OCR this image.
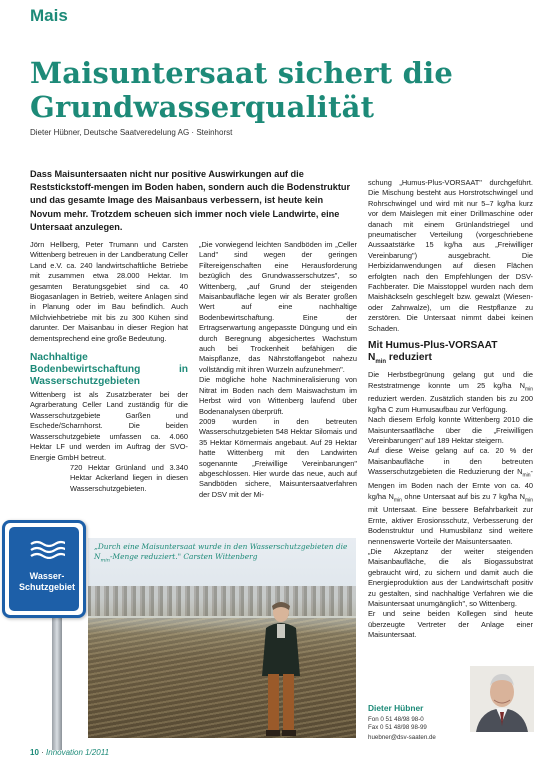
Mais
Maisuntersaat sichert die
Grundwasserqualität
Dieter Hübner, Deutsche Saatveredelung AG · Steinhorst
Dass Maisuntersaaten nicht nur positive Auswirkungen auf die Reststickstoff-mengen im Boden haben, sondern auch die Bodenstruktur und das gesamte Image des Maisanbaus verbessern, ist heute kein Novum mehr. Trotzdem scheuen sich immer noch viele Landwirte, eine Untersaat anzulegen.

Jörn Hellberg, Peter Trumann und Carsten Wittenberg betreuen in der Landberatung Celler Land e.V. ca. 240 landwirtschaftliche Betriebe mit zusammen etwa 28.000 Hektar. Im gesamten Beratungsgebiet sind ca. 40 Biogasanlagen in Betrieb, weitere Anlagen sind in Planung oder im Bau befindlich. Auch Milchviehbetriebe mit bis zu 300 Kühen sind darunter. Der Maisanbau in dieser Region hat dementsprechend eine große Bedeutung.

Nachhaltige Bodenbewirtschaftung in Wasserschutzgebieten

Wittenberg ist als Zusatzberater bei der Agrarberatung Celler Land zuständig für die Wasserschutzgebiete Garßen und Eschede/Scharnhorst. Die beiden Wasserschutzgebiete umfassen ca. 4.060 Hektar LF und werden im Auftrag der SVO-Energie GmbH betreut.

720 Hektar Grünland und 3.340 Hektar Ackerland liegen in diesen Wasserschutzgebieten.

„Die vorwiegend leichten Sandböden im „Celler Land" sind wegen der geringen Filtereigenschaften eine Herausforderung bezüglich des Grundwasserschutzes", so Wittenberg, „auf Grund der steigenden Maisanbaufläche legen wir als Berater großen Wert auf eine nachhaltige Bodenbewirtschaftung. Eine der Ertragserwartung angepasste Düngung und ein durch Beregnung abgesichertes Wachstum auch bei Trockenheit befähigen die Maispflanze, das Nährstoffangebot nahezu vollständig mit ihren Wurzeln aufzunehmen".

Die mögliche hohe Nachmineralisierung von Nitrat im Boden nach dem Maiswachstum im Herbst wird von Wittenberg laufend über Bodenanalysen überprüft.

2009 wurden in den betreuten Wasserschutzgebieten 548 Hektar Silomais und 35 Hektar Körnermais angebaut. Auf 29 Hektar hatte Wittenberg mit den Landwirten sogenannte „Freiwillige Vereinbarungen" abgeschlossen. Hier wurde das neue, auch auf Sandböden sichere, Maisuntersaatverfahren der DSV mit der Mi-

schung „Humus-Plus-VORSAAT" durchgeführt. Die Mischung besteht aus Horstrotschwingel und Rohrschwingel und wird mit nur 5–7 kg/ha kurz vor dem Maislegen mit einer Drillmaschine oder danach mit einem Grünlandstriegel und pneumatischer Verteilung (vorgeschriebene Aussaatstärke 15 kg/ha aus „Freiwilliger Vereinbarung") ausgebracht. Die Herbizidanwendungen auf diesen Flächen erfolgten nach den Empfehlungen der DSV-Fachberater. Die Maisstoppel wurden nach dem Maishäckseln geschlegelt bzw. gewalzt (Wiesen- oder Zahnwalze), um die Restpflanze zu zerstören. Die Untersaat nimmt dabei keinen Schaden.

Mit Humus-Plus-VORSAAT
$N_{min}$ reduziert

Die Herbstbegrünung gelang gut und die Reststratmenge konnte um 25 kg/ha $N_{min}$ reduziert werden. Zusätzlich standen bis zu 200 kg/ha C zum Humusaufbau zur Verfügung.

Nach diesem Erfolg konnte Wittenberg 2010 die Maisuntersaatfläche über die „Freiwilligen Vereinbarungen" auf 189 Hektar steigern.

Auf diese Weise gelang auf ca. 20 % der Maisanbaufläche in den betreuten Wasserschutzgebieten die Reduzierung der $N_{min}$-Mengen im Boden nach der Ernte von ca. 40 kg/ha $N_{min}$ ohne Untersaat auf bis zu 7 kg/ha $N_{min}$ mit Untersaat. Eine bessere Befahrbarkeit zur Ernte, aktiver Erosionsschutz, Verbesserung der Bodenstruktur und Humusbilanz sind weitere nennenswerte Vorteile der Maisuntersaaten.

„Die Akzeptanz der weiter steigenden Maisanbaufläche, die als Biogassubstrat gebraucht wird, zu sichern und damit auch die Energieproduktion aus der Landwirtschaft positiv zu gestalten, sind nachhaltige Verfahren wie die Maisuntersaat unumgänglich", so Wittenberg.

Er und seine beiden Kollegen sind heute überzeugte Vertreter der Anlage einer Maisuntersaat.

„Durch eine Maisuntersaat wurde in den Wasserschutzgebieten die $N_{min}$-Menge reduziert." Carsten Wittenberg
Wasser-
Schutzgebiet
Dieter Hübner
Fon 0 51 48/98 98-0
Fax 0 51 48/98 98-99
huebner@dsv-saaten.de
10 · Innovation 1/2011
